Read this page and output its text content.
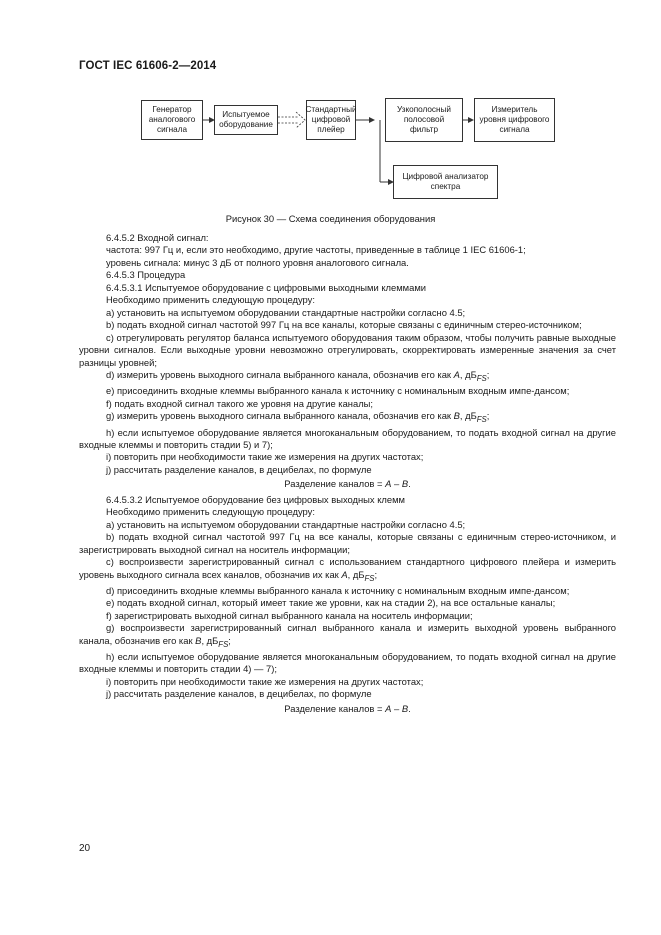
ГОСТ IEC 61606-2—2014
Генератор
аналогового
сигнала
Испытуемое
оборудование
Стандартный
цифровой
плейер
Узкополосный
полосовой
фильтр
Измеритель
уровня цифрового
сигнала
Цифровой анализатор
спектра
Рисунок 30 — Схема соединения оборудования

6.4.5.2 Входной сигнал:

частота: 997 Гц и, если это необходимо, другие частоты, приведенные в таблице 1 IEC 61606-1;

уровень сигнала: минус 3 дБ от полного уровня аналогового сигнала.

6.4.5.3 Процедура

6.4.5.3.1 Испытуемое оборудование с цифровыми выходными клеммами

Необходимо применить следующую процедуру:

a) установить на испытуемом оборудовании стандартные настройки согласно 4.5;

b) подать входной сигнал частотой 997 Гц на все каналы, которые связаны с единичным стерео-источником;

c) отрегулировать регулятор баланса испытуемого оборудования таким образом, чтобы получить равные выходные уровни сигналов. Если выходные уровни невозможно отрегулировать, скорректировать измеренные значения за счет разницы уровней;

d) измерить уровень выходного сигнала выбранного канала, обозначив его как A, $дБ_{FS}$;

e) присоединить входные клеммы выбранного канала к источнику с номинальным входным импе-дансом;

f) подать входной сигнал такого же уровня на другие каналы;

g) измерить уровень выходного сигнала выбранного канала, обозначив его как B, $дБ_{FS}$;

h) если испытуемое оборудование является многоканальным оборудованием, то подать входной сигнал на другие входные клеммы и повторить стадии 5) и 7);

i) повторить при необходимости такие же измерения на других частотах;

j) рассчитать разделение каналов, в децибелах, по формуле

Разделение каналов = A – B.

6.4.5.3.2 Испытуемое оборудование без цифровых выходных клемм

Необходимо применить следующую процедуру:

a) установить на испытуемом оборудовании стандартные настройки согласно 4.5;

b) подать входной сигнал частотой 997 Гц на все каналы, которые связаны с единичным стерео-источником, и зарегистрировать выходной сигнал на носитель информации;

c) воспроизвести зарегистрированный сигнал с использованием стандартного цифрового плейера и измерить уровень выходного сигнала всех каналов, обозначив их как A, $дБ_{FS}$;

d) присоединить входные клеммы выбранного канала к источнику с номинальным входным импе-дансом;

e) подать входной сигнал, который имеет такие же уровни, как на стадии 2), на все остальные каналы;

f) зарегистрировать выходной сигнал выбранного канала на носитель информации;

g) воспроизвести зарегистрированный сигнал выбранного канала и измерить выходной уровень выбранного канала, обозначив его как B, $дБ_{FS}$;

h) если испытуемое оборудование является многоканальным оборудованием, то подать входной сигнал на другие входные клеммы и повторить стадии 4) — 7);

i) повторить при необходимости такие же измерения на других частотах;

j) рассчитать разделение каналов, в децибелах, по формуле

Разделение каналов = A – B.

20
